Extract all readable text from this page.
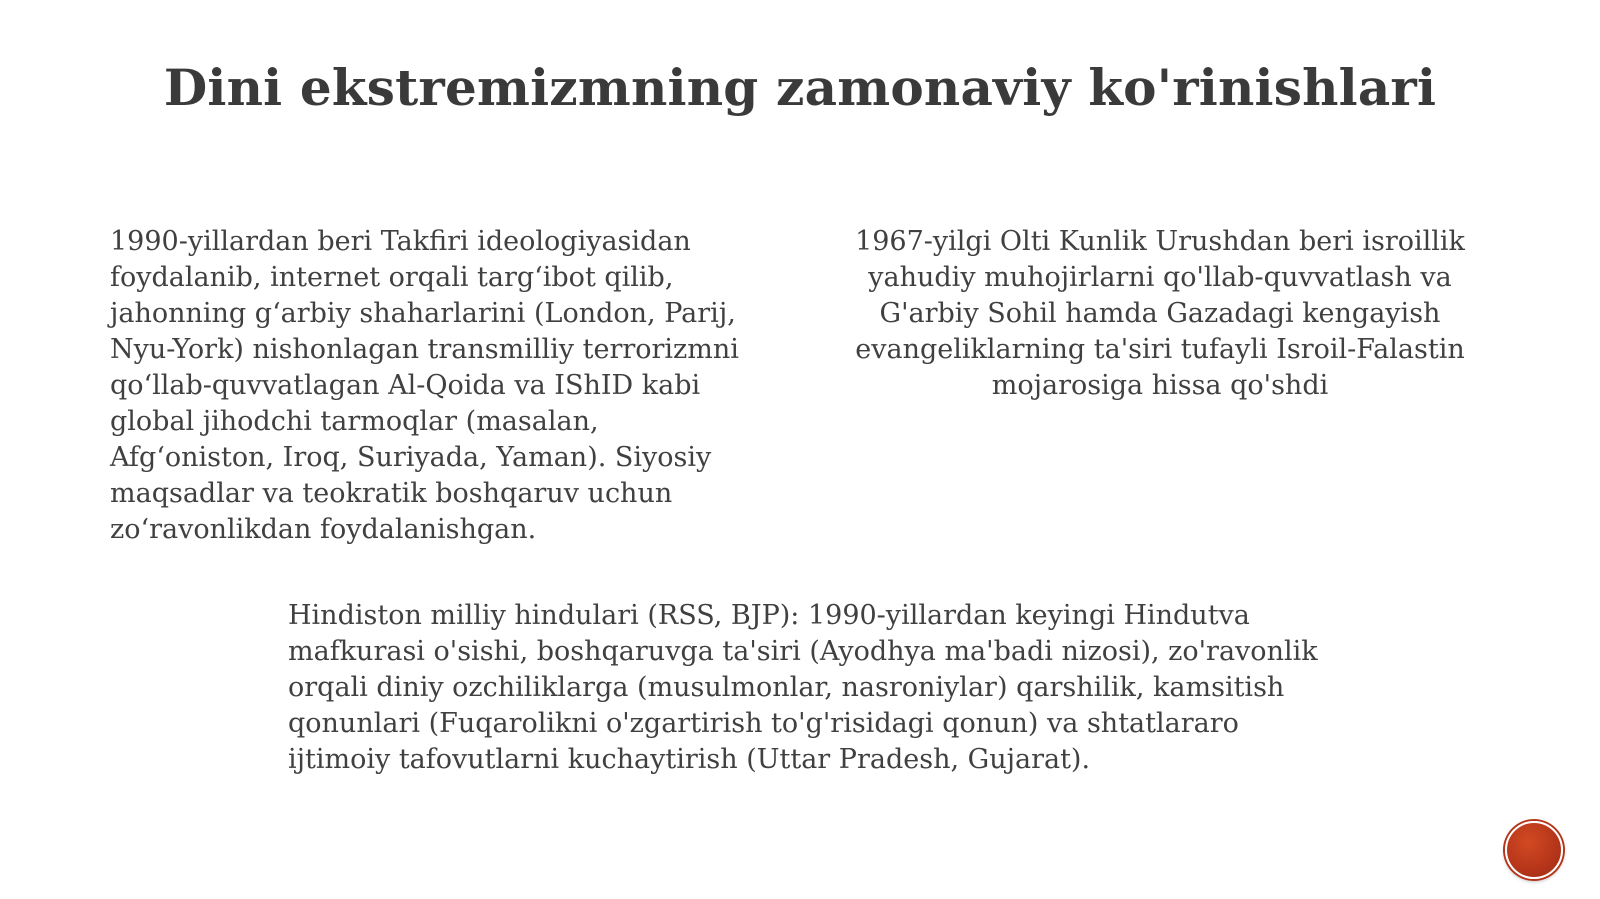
Dini ekstremizmning zamonaviy ko'rinishlari
1990-yillardan beri Takfiri ideologiyasidan foydalanib, internet orqali targ‘ibot qilib, jahonning g‘arbiy shaharlarini (London, Parij, Nyu-York) nishonlagan transmilliy terrorizmni qo‘llab-quvvatlagan Al-Qoida va IShID kabi global jihodchi tarmoqlar (masalan, Afg‘oniston, Iroq, Suriyada, Yaman). Siyosiy maqsadlar va teokratik boshqaruv uchun zo‘ravonlikdan foydalanishgan.
1967-yilgi Olti Kunlik Urushdan beri isroillik yahudiy muhojirlarni qo'llab-quvvatlash va G'arbiy Sohil hamda Gazadagi kengayish evangeliklarning ta'siri tufayli Isroil-Falastin mojarosiga hissa qo'shdi
Hindiston milliy hindulari (RSS, BJP): 1990-yillardan keyingi Hindutva mafkurasi o'sishi, boshqaruvga ta'siri (Ayodhya ma'badi nizosi), zo'ravonlik orqali diniy ozchiliklarga (musulmonlar, nasroniylar) qarshilik, kamsitish qonunlari (Fuqarolikni o'zgartirish to'g'risidagi qonun) va shtatlararo ijtimoiy tafovutlarni kuchaytirish (Uttar Pradesh, Gujarat).
